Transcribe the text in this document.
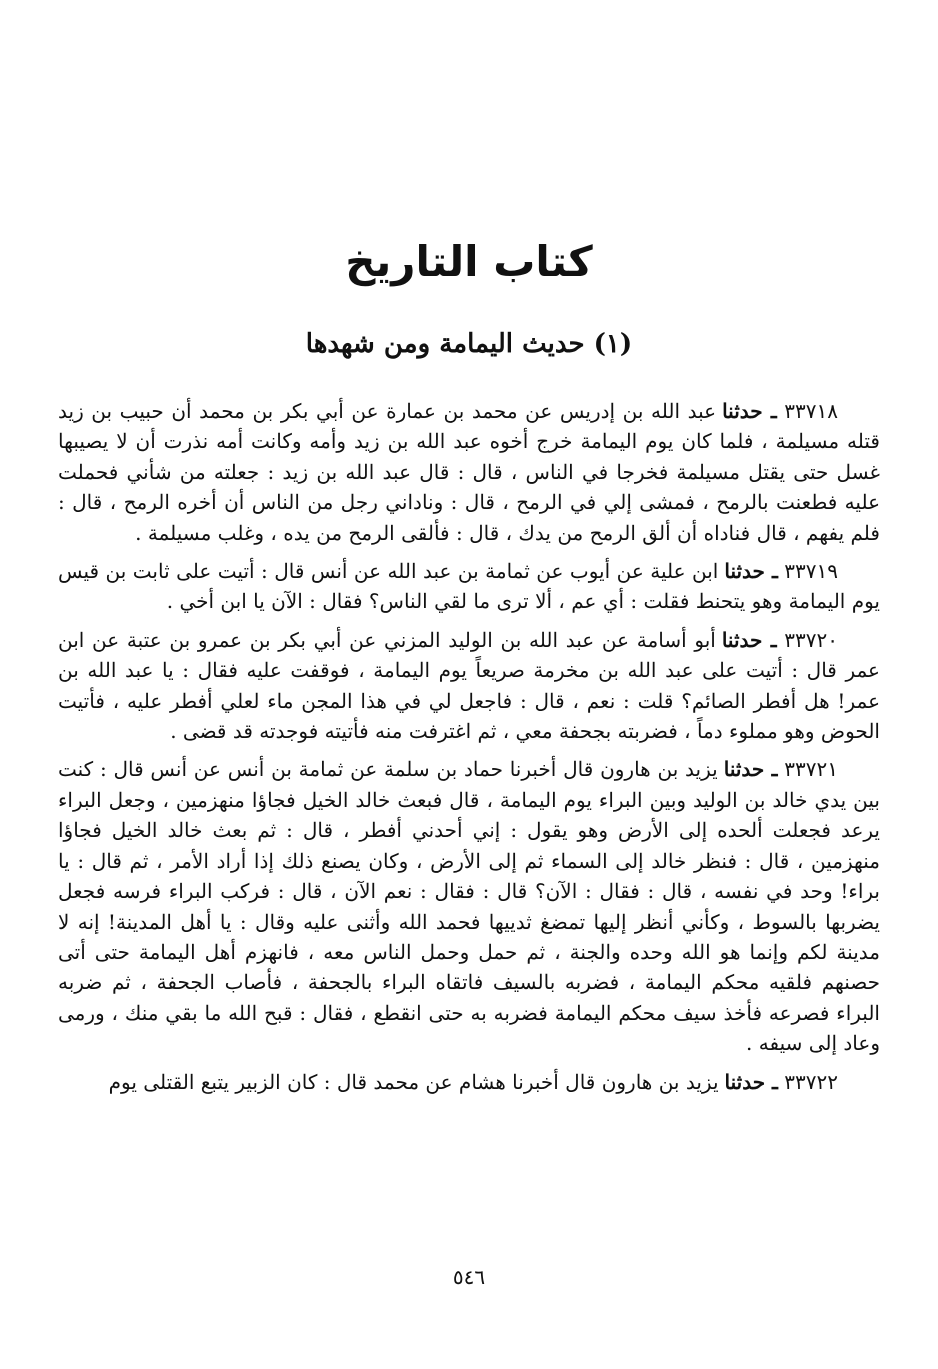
كتاب التاريخ
(١) حديث اليمامة ومن شهدها

٣٣٧١٨ ـ حدثناعبد الله بن إدريس عن محمد بن عمارة عن أبي بكر بن محمد أن حبيب بن زيد قتله مسيلمة ، فلما كان يوم اليمامة خرج أخوه عبد الله بن زيد وأمه وكانت أمه نذرت أن لا يصيبها غسل حتى يقتل مسيلمة فخرجا في الناس ، قال : قال عبد الله بن زيد : جعلته من شأني فحملت عليه فطعنت بالرمح ، فمشى إلي في الرمح ، قال : وناداني رجل من الناس أن أخره الرمح ، قال : فلم يفهم ، قال فناداه أن ألق الرمح من يدك ، قال : فألقى الرمح من يده ، وغلب مسيلمة .

٣٣٧١٩ ـ حدثناابن علية عن أيوب عن ثمامة بن عبد الله عن أنس قال : أتيت على ثابت بن قيس يوم اليمامة وهو يتحنط فقلت : أي عم ، ألا ترى ما لقي الناس؟ فقال : الآن يا ابن أخي .

٣٣٧٢٠ ـ حدثناأبو أسامة عن عبد الله بن الوليد المزني عن أبي بكر بن عمرو بن عتبة عن ابن عمر قال : أتيت على عبد الله بن مخرمة صريعاً يوم اليمامة ، فوقفت عليه فقال : يا عبد الله بن عمر! هل أفطر الصائم؟ قلت : نعم ، قال : فاجعل لي في هذا المجن ماء لعلي أفطر عليه ، فأتيت الحوض وهو مملوء دماً ، فضربته بجحفة معي ، ثم اغترفت منه فأتيته فوجدته قد قضى .

٣٣٧٢١ ـ حدثنايزيد بن هارون قال أخبرنا حماد بن سلمة عن ثمامة بن أنس عن أنس قال : كنت بين يدي خالد بن الوليد وبين البراء يوم اليمامة ، قال فبعث خالد الخيل فجاؤا منهزمين ، وجعل البراء يرعد فجعلت ألحده إلى الأرض وهو يقول : إني أحدني أفطر ، قال : ثم بعث خالد الخيل فجاؤا منهزمين ، قال : فنظر خالد إلى السماء ثم إلى الأرض ، وكان يصنع ذلك إذا أراد الأمر ، ثم قال : يا براء! وحد في نفسه ، قال : فقال : الآن؟ قال : فقال : نعم الآن ، قال : فركب البراء فرسه فجعل يضربها بالسوط ، وكأني أنظر إليها تمضغ ثدييها فحمد الله وأثنى عليه وقال : يا أهل المدينة! إنه لا مدينة لكم وإنما هو الله وحده والجنة ، ثم حمل وحمل الناس معه ، فانهزم أهل اليمامة حتى أتى حصنهم فلقيه محكم اليمامة ، فضربه بالسيف فاتقاه البراء بالجحفة ، فأصاب الجحفة ، ثم ضربه البراء فصرعه فأخذ سيف محكم اليمامة فضربه به حتى انقطع ، فقال : قبح الله ما بقي منك ، ورمى وعاد إلى سيفه .

٣٣٧٢٢ ـ حدثنايزيد بن هارون قال أخبرنا هشام عن محمد قال : كان الزبير يتبع القتلى يوم

٥٤٦
